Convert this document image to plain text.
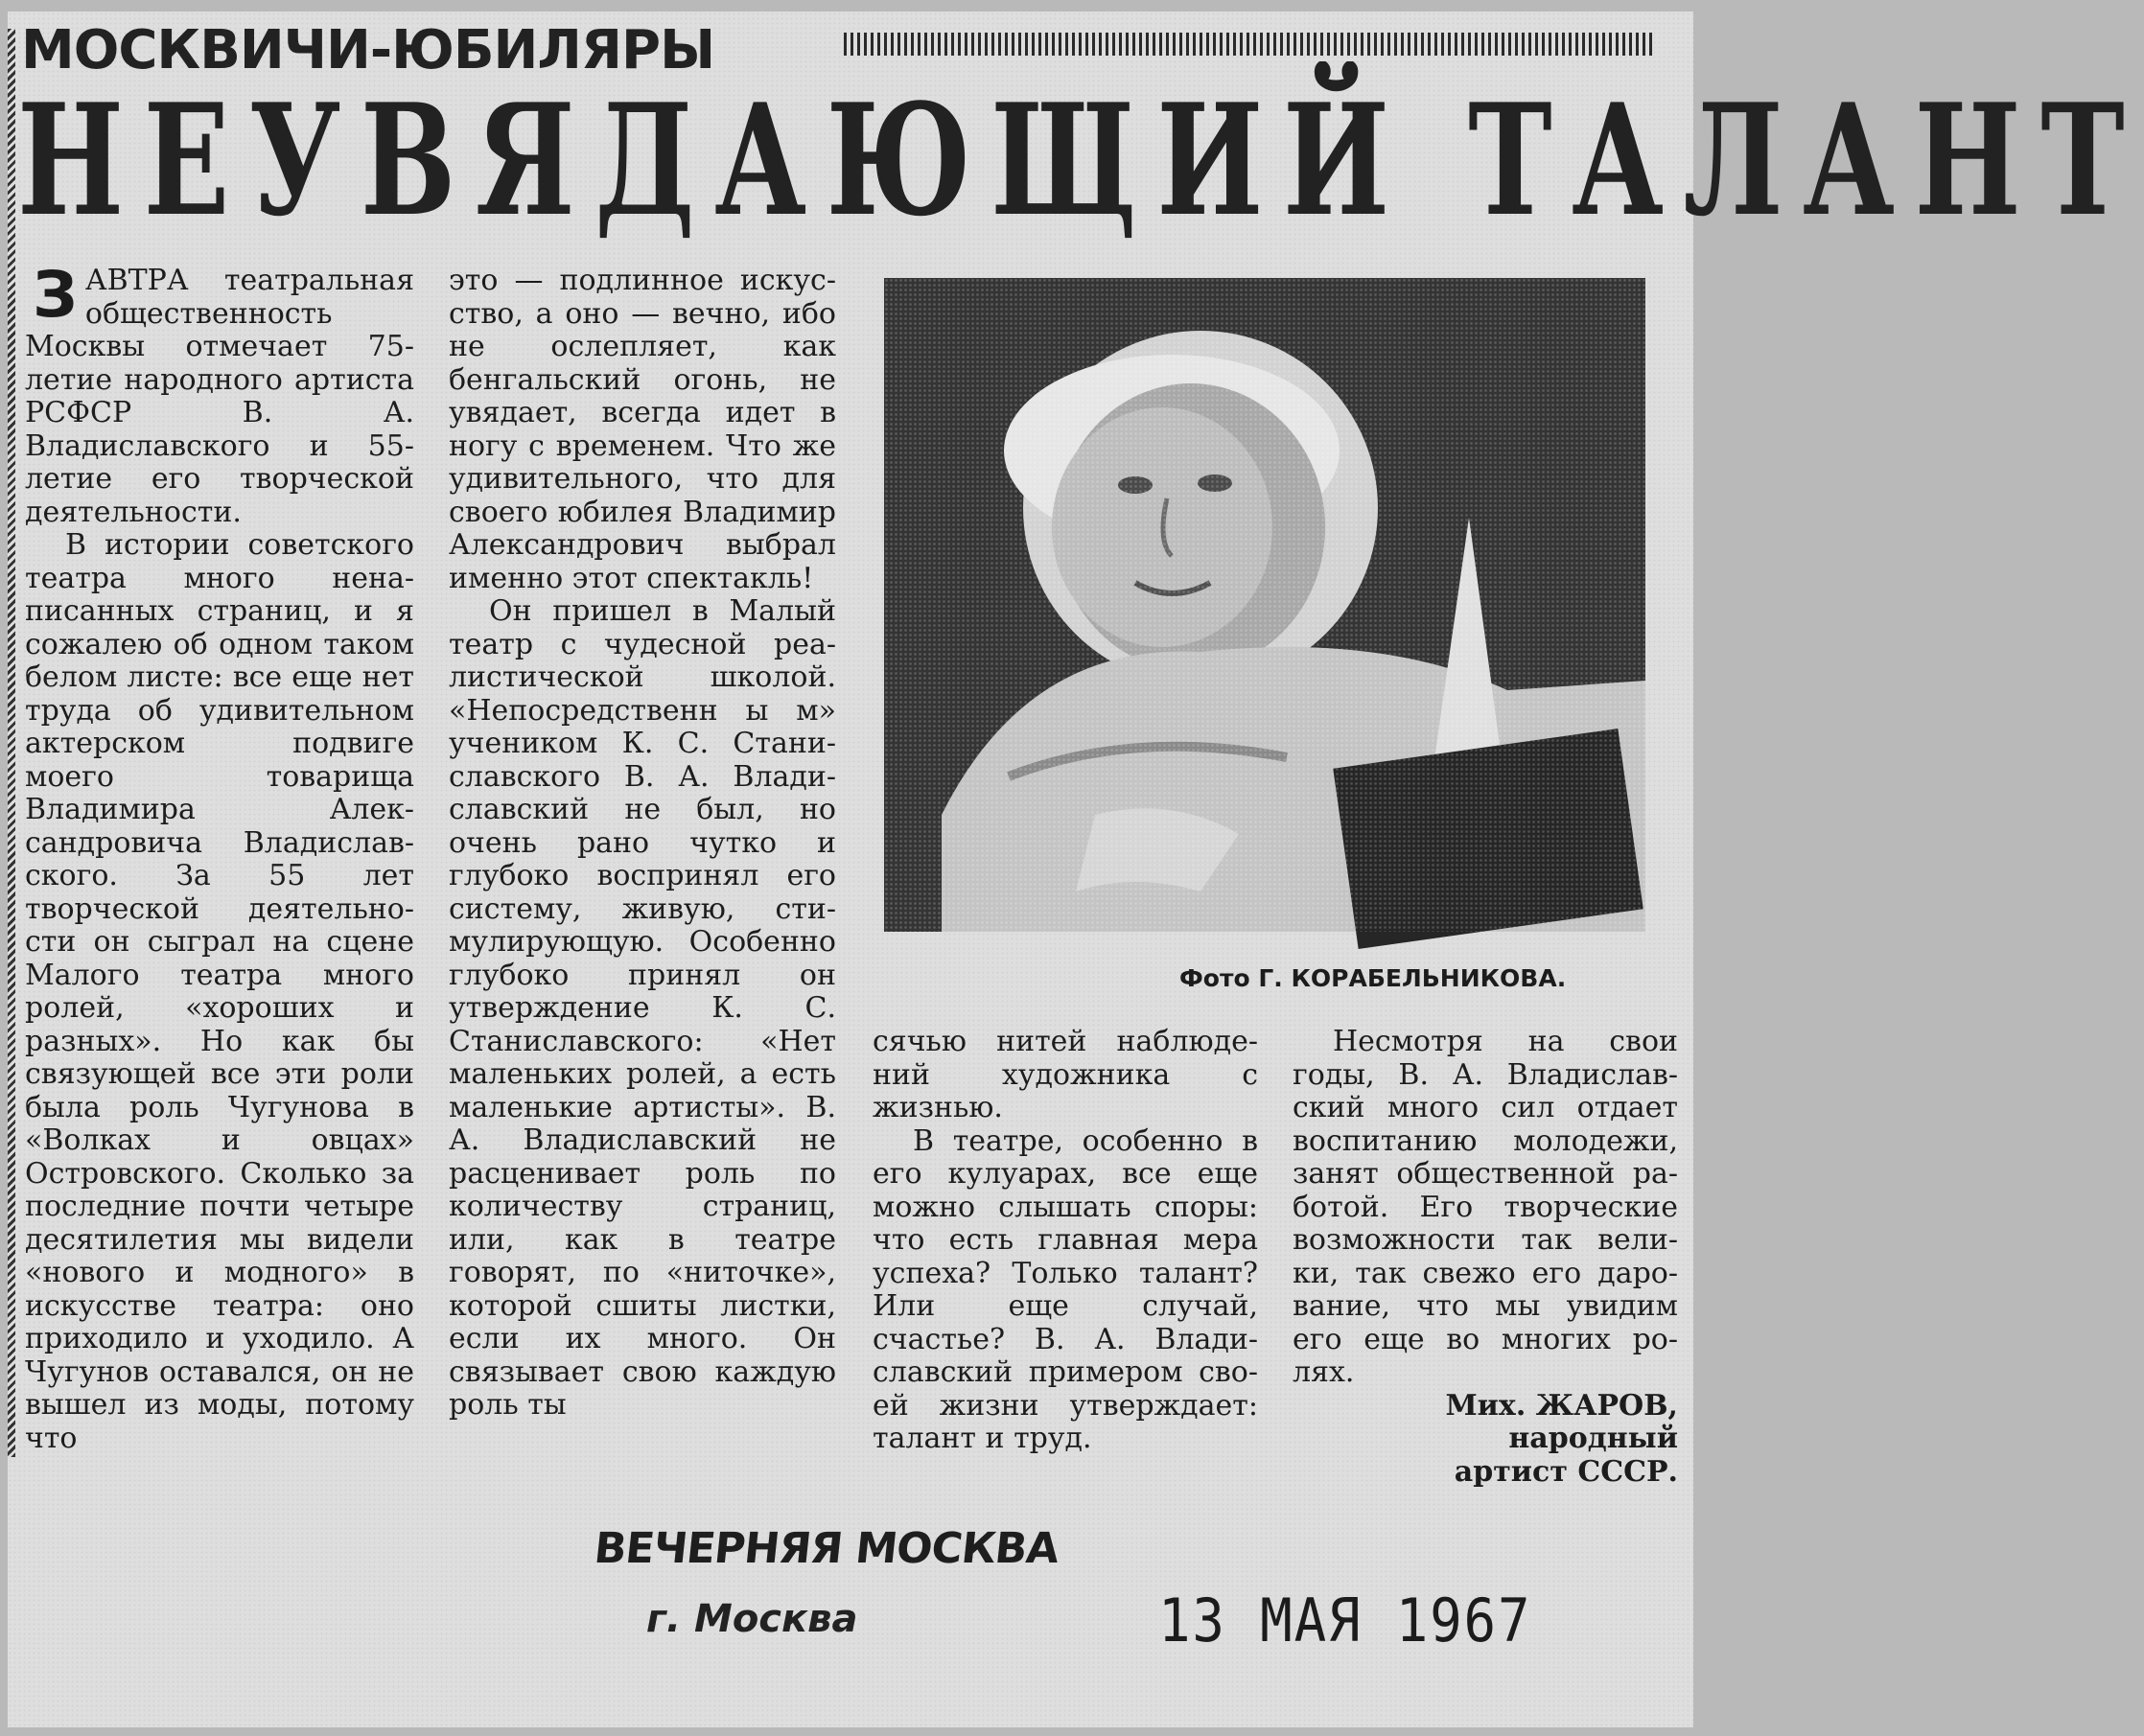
МОСКВИЧИ-ЮБИЛЯРЫ
НЕУВЯДАЮЩИЙ ТАЛАНТ

ЗАВТРА театральная общественность Москвы отмечает 75-летие народного артиста РСФСР В. А. Владиславского и 55-летие его творческой деятельности.

В истории советского театра много ненаписанных страниц, и я сожалею об одном таком белом листе: все еще нет труда об удивительном актерском подвиге моего товарища Владимира Александровича Владиславского. За 55 лет творческой деятельности он сыграл на сцене Малого театра много ролей, «хороших и разных». Но как бы связующей все эти роли была роль Чугунова в «Волках и овцах» Островского. Сколько за последние почти четыре десятилетия мы видели «нового и модного» в искусстве театра: оно приходило и уходило. А Чугунов оставался, он не вышел из моды, потому что

это — подлинное искусство, а оно — вечно, ибо не ослепляет, как бенгальский огонь, не увядает, всегда идет в ногу с временем. Что же удивительного, что для своего юбилея Владимир Александрович выбрал именно этот спектакль!

Он пришел в Малый театр с чудесной реалистической школой. «Непосредственн ы м» учеником К. С. Станиславского В. А. Владиславский не был, но очень рано чутко и глубоко воспринял его систему, живую, стимулирующую. Особенно глубоко принял он утверждение К. С. Станиславского: «Нет маленьких ролей, а есть маленькие артисты». В. А. Владиславский не расценивает роль по количеству страниц, или, как в театре говорят, по «ниточке», которой сшиты листки, если их много. Он связывает свою каждую роль ты

Фото Г. КОРАБЕЛЬНИКОВА.

сячью нитей наблюдений художника с жизнью.

В театре, особенно в его кулуарах, все еще можно слышать споры: что есть главная мера успеха? Только талант? Или еще случай, счастье? В. А. Владиславский примером своей жизни утверждает: талант и труд.

Несмотря на свои годы, В. А. Владиславский много сил отдает воспитанию молодежи, занят общественной работой. Его творческие возможности так велики, так свежо его дарование, что мы увидим его еще во многих ролях.

Мих. ЖАРОВ,
народный
артист СССР.
ВЕЧЕРНЯЯ МОСКВА
г. Москва	13 МАЯ 1967
